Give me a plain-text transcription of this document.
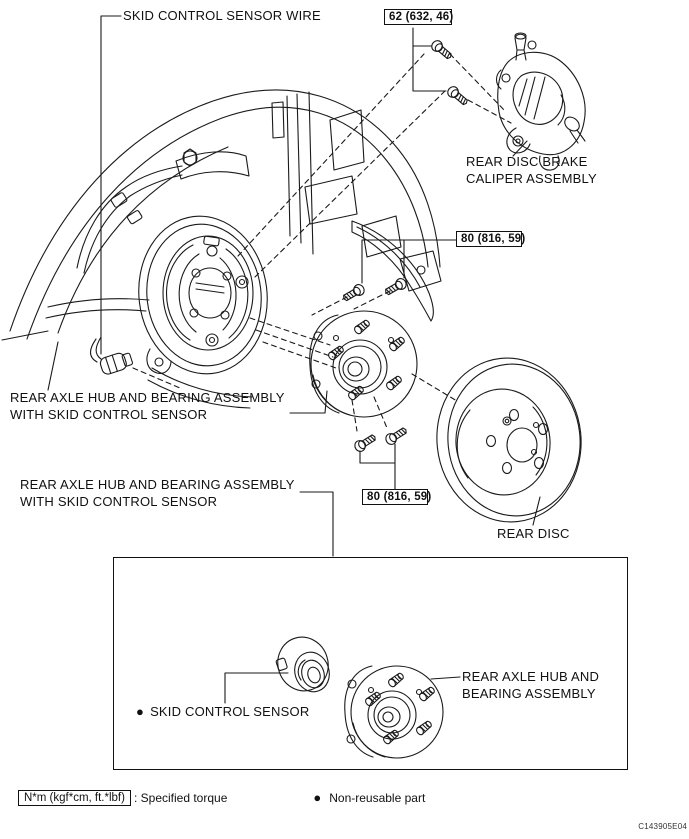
SKID CONTROL SENSOR WIRE	62 (632, 46)
REAR DISC BRAKE
CALIPER ASSEMBLY
80 (816, 59)
REAR AXLE HUB AND BEARING ASSEMBLY
WITH SKID CONTROL SENSOR
REAR AXLE HUB AND BEARING ASSEMBLY
WITH SKID CONTROL SENSOR	80 (816, 59)
REAR DISC
● SKID CONTROL SENSOR
REAR AXLE HUB AND
BEARING ASSEMBLY
N*m (kgf*cm, ft.*lbf) : Specified torque	● Non-reusable part
C143905E04
